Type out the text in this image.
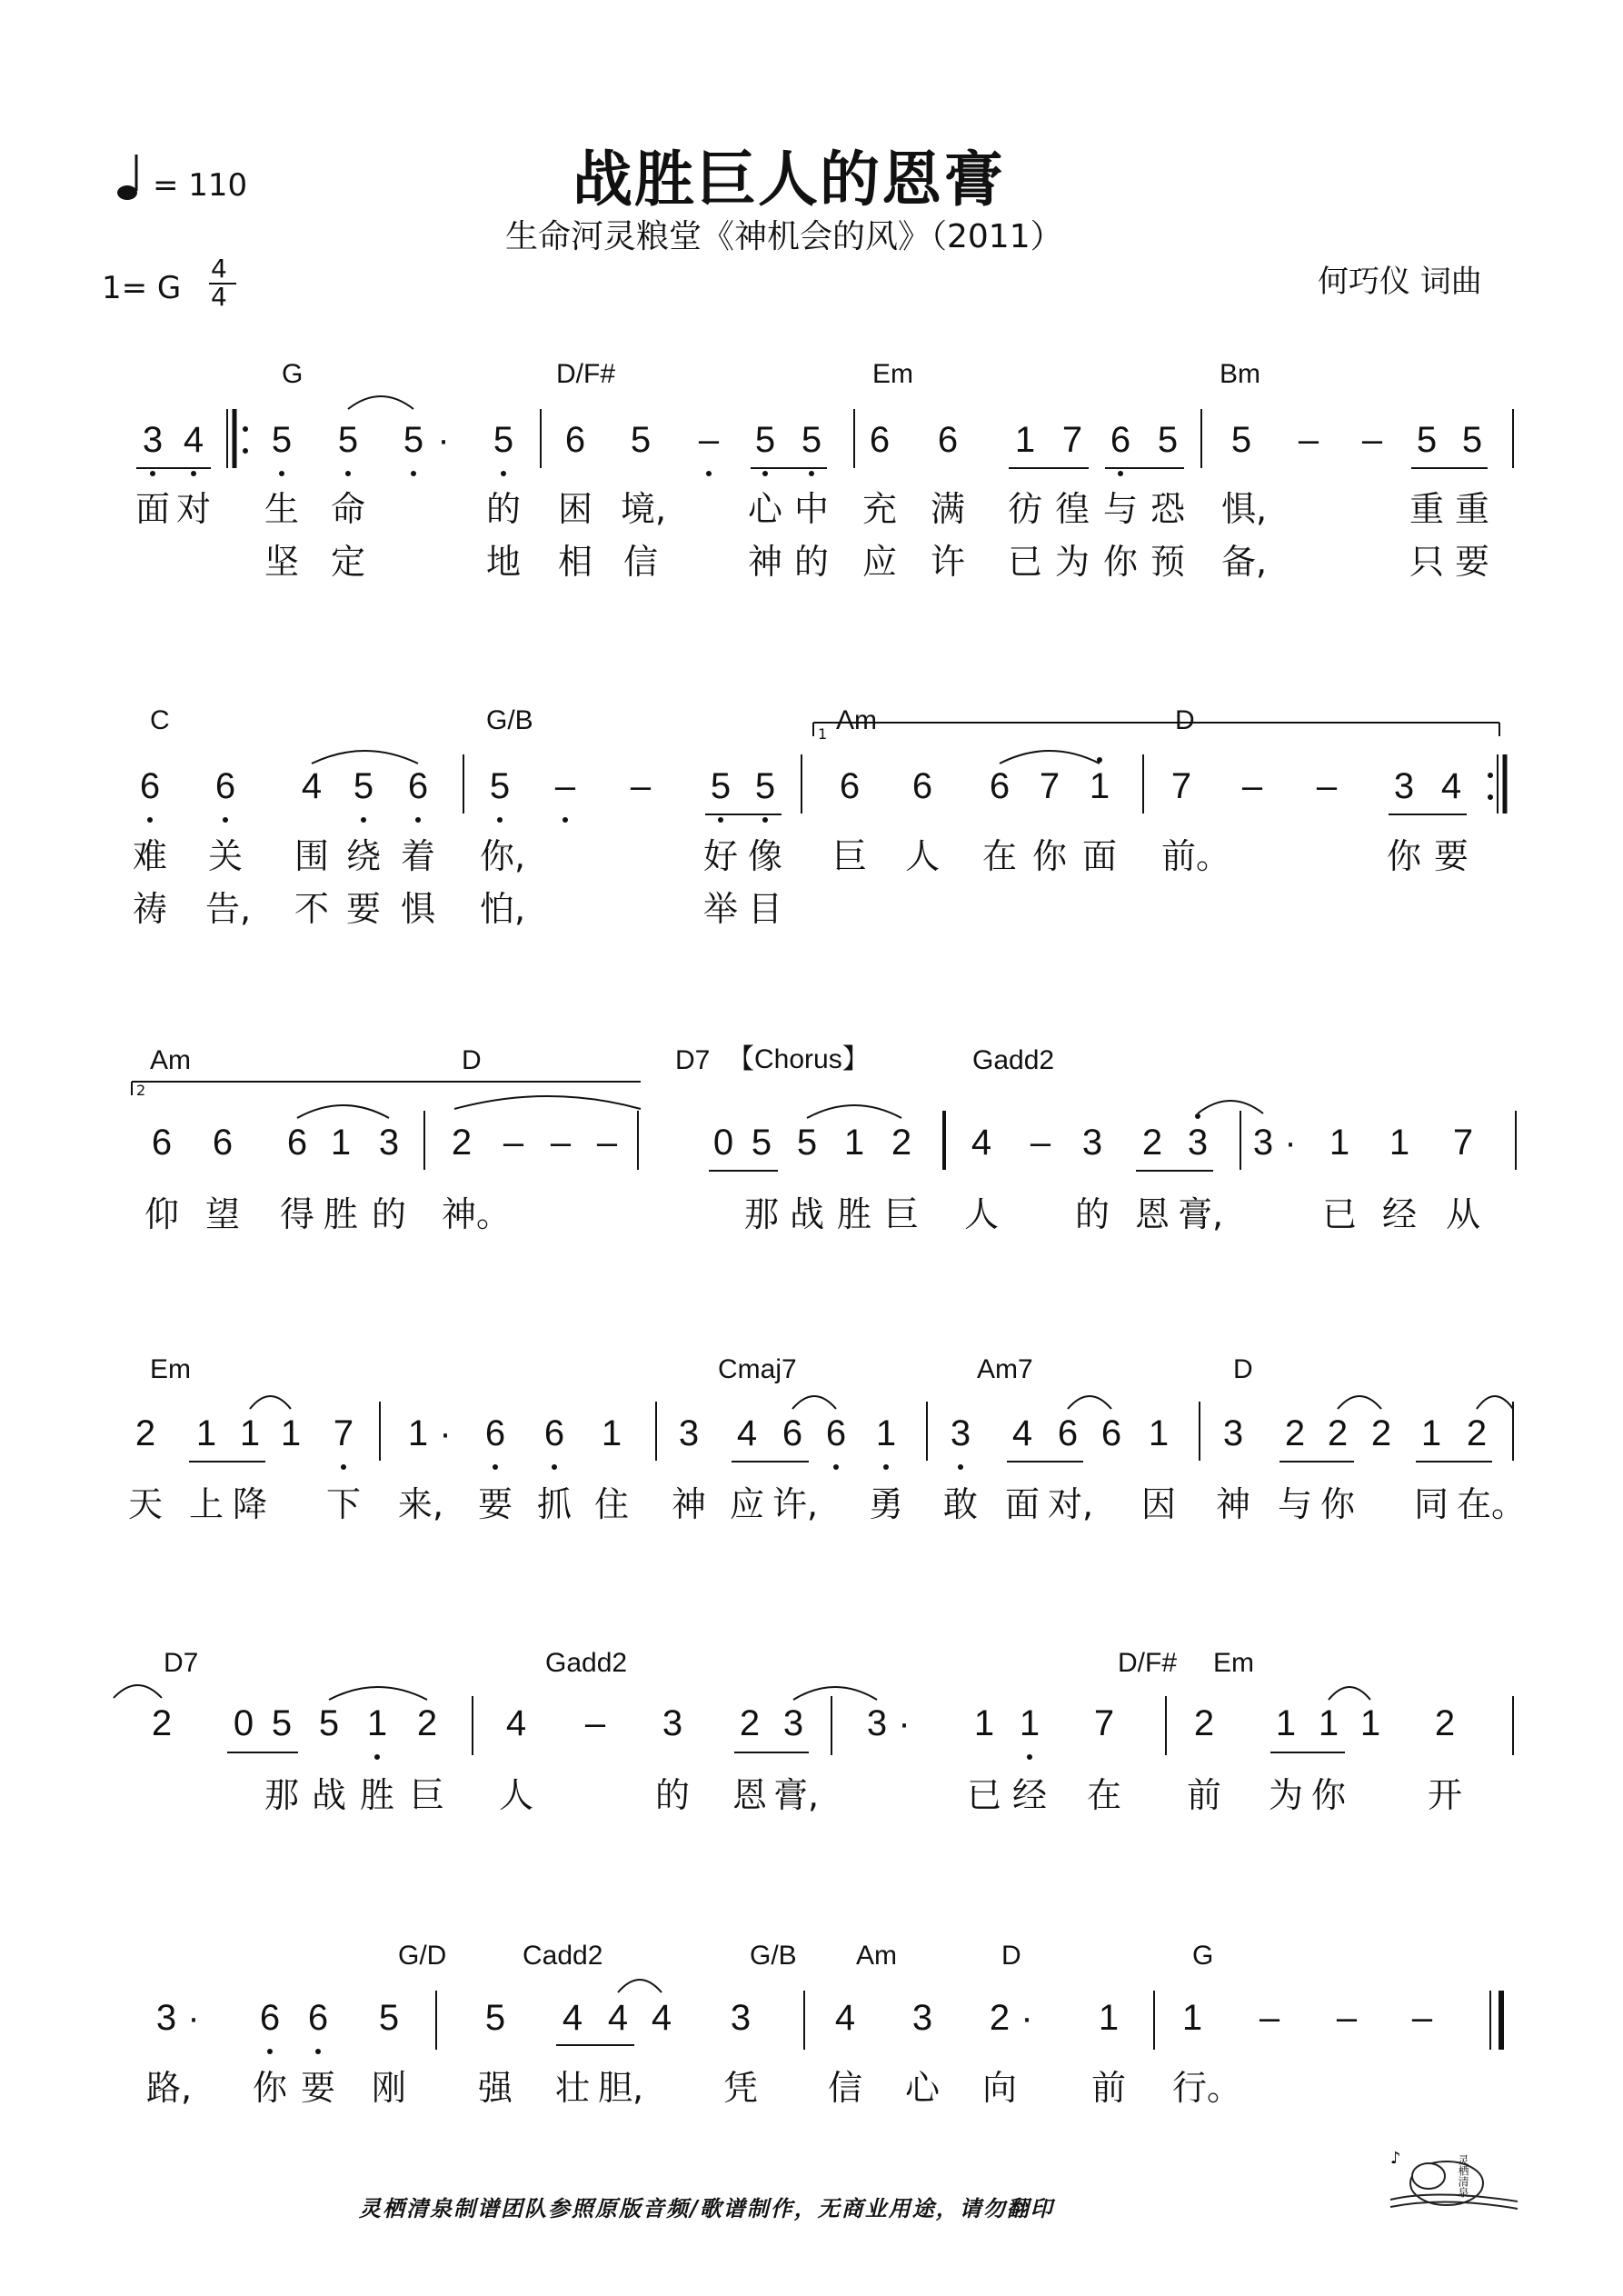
= 110	战胜巨人的恩膏
生命河灵粮堂《神机会的风》（2011）
1= G
4
4	何巧仪 词曲
【Chorus】
1
2
G	D/F#	Em	Bm
3 4 5 5 5 · 5 6 5 – 5 5 6 6 1 7 6 5 5 – – 5 5
面 对 生 命	的 困 境, 心 中 充 满 彷 徨 与 恐 惧,	重 重
坚 定	地 相 信	神 的 应 许 已 为 你 预 备,	只 要
C	G/B	Am	D
6 6 4 5 6 5 – – 5 5 6 6 6 7 1 7 – – 3 4
难 关 围 绕 着 你,	好 像 巨 人 在 你 面 前。	你 要
祷 告, 不 要 惧 怕,	举 目
Am	D	D7	Gadd2
6 6 6 1 3 2 – – –	0 5 5 1 2 4 – 3 2 3 3 · 1 1 7
仰 望 得 胜 的 神。	那 战 胜 巨 人 的 恩 膏,	已 经 从
Em	Cmaj7	Am7	D
2 1 1 1 7 1 · 6 6 1 3 4 6 6 1 3 4 6 6 1 3 2 2 2 1 2
天 上 降 下 来, 要 抓 住 神 应 许, 勇 敢 面 对, 因 神 与 你 同 在。
D7	Gadd2	D/F# Em
2 0 5 5 1 2 4 – 3 2 3 3 · 1 1 7 2 1 1 1 2
那 战 胜 巨 人	的 恩 膏,	已 经 在 前 为 你 开
G/D	Cadd2	G/B Am	D	G
3 · 6 6 5 5 4 4 4 3 4 3 2 · 1 1 – – –
路, 你 要 刚 强 壮 胆, 凭 信 心 向 前 行。
灵栖清泉制谱团队参照原版音频/歌谱制作，无商业用途，请勿翻印
♪	灵栖清泉
